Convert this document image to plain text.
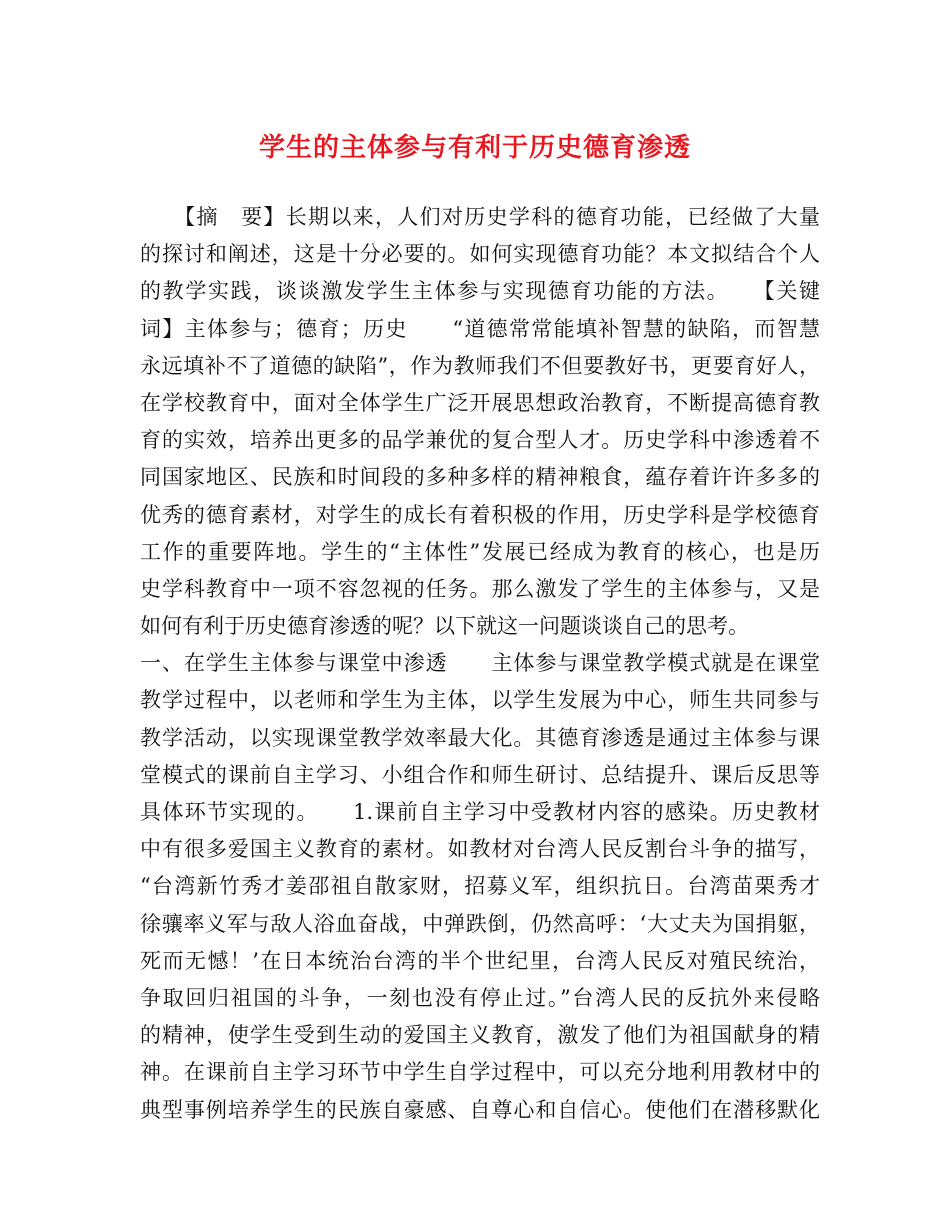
学生的主体参与有利于历史德育渗透
　　【摘　要】长期以来，人们对历史学科的德育功能，已经做了大量
的探讨和阐述，这是十分必要的。如何实现德育功能？本文拟结合个人
的教学实践，谈谈激发学生主体参与实现德育功能的方法。　　【关键
词】主体参与；德育；历史　　“道德常常能填补智慧的缺陷，而智慧
永远填补不了道德的缺陷”，作为教师我们不但要教好书，更要育好人，
在学校教育中，面对全体学生广泛开展思想政治教育，不断提高德育教
育的实效，培养出更多的品学兼优的复合型人才。历史学科中渗透着不
同国家地区、民族和时间段的多种多样的精神粮食，蕴存着许许多多的
优秀的德育素材，对学生的成长有着积极的作用，历史学科是学校德育
工作的重要阵地。学生的“主体性”发展已经成为教育的核心，也是历
史学科教育中一项不容忽视的任务。那么激发了学生的主体参与，又是
如何有利于历史德育渗透的呢？以下就这一问题谈谈自己的思考。
一、在学生主体参与课堂中渗透　　主体参与课堂教学模式就是在课堂
教学过程中，以老师和学生为主体，以学生发展为中心，师生共同参与
教学活动，以实现课堂教学效率最大化。其德育渗透是通过主体参与课
堂模式的课前自主学习、小组合作和师生研讨、总结提升、课后反思等
具体环节实现的。　　1.课前自主学习中受教材内容的感染。历史教材
中有很多爱国主义教育的素材。如教材对台湾人民反割台斗争的描写，
“台湾新竹秀才姜邵祖自散家财，招募义军，组织抗日。台湾苗栗秀才
徐骧率义军与敌人浴血奋战，中弹跌倒，仍然高呼：‘大丈夫为国捐躯，
死而无憾！’在日本统治台湾的半个世纪里，台湾人民反对殖民统治，
争取回归祖国的斗争，一刻也没有停止过。”台湾人民的反抗外来侵略
的精神，使学生受到生动的爱国主义教育，激发了他们为祖国献身的精
神。在课前自主学习环节中学生自学过程中，可以充分地利用教材中的
典型事例培养学生的民族自豪感、自尊心和自信心。使他们在潜移默化
